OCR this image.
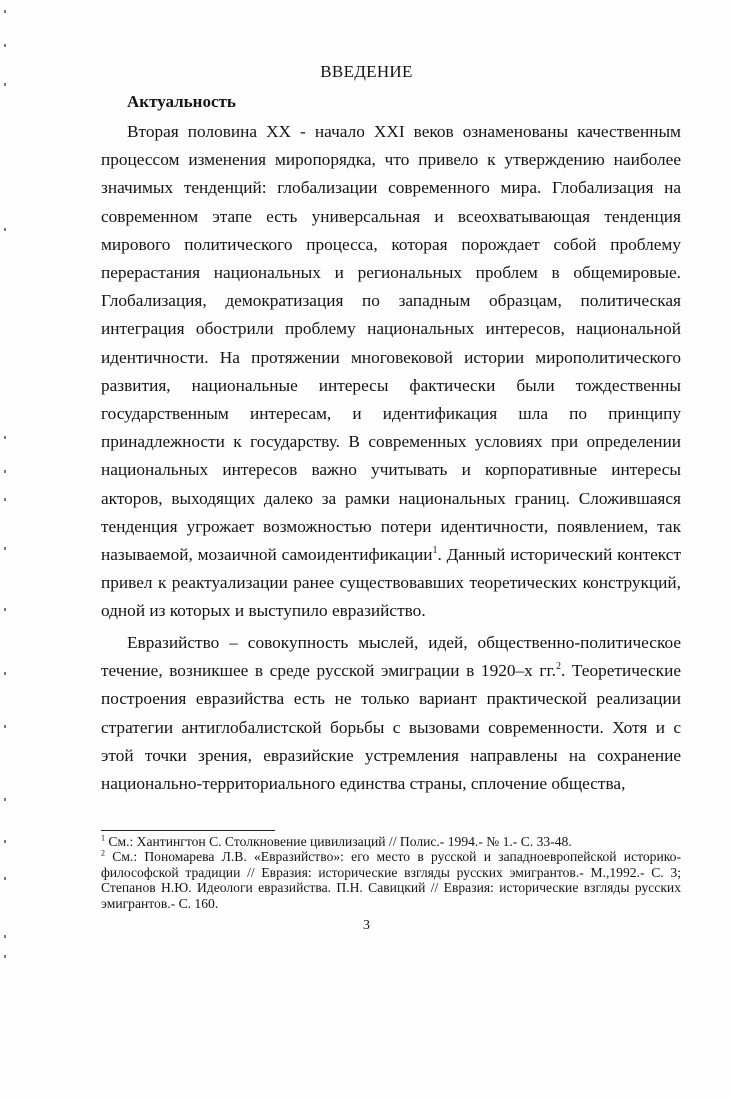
ВВЕДЕНИЕ
Актуальность
Вторая половина XX - начало XXI веков ознаменованы качественным процессом изменения миропорядка, что привело к утверждению наиболее значимых тенденций: глобализации современного мира. Глобализация на современном этапе есть универсальная и всеохватывающая тенденция мирового политического процесса, которая порождает собой проблему перерастания национальных и региональных проблем в общемировые. Глобализация, демократизация по западным образцам, политическая интеграция обострили проблему национальных интересов, национальной идентичности. На протяжении многовековой истории мирополитического развития, национальные интересы фактически были тождественны государственным интересам, и идентификация шла по принципу принадлежности к государству. В современных условиях при определении национальных интересов важно учитывать и корпоративные интересы акторов, выходящих далеко за рамки национальных границ. Сложившаяся тенденция угрожает возможностью потери идентичности, появлением, так называемой, мозаичной самоидентификации$^1$. Данный исторический контекст привел к реактуализации ранее существовавших теоретических конструкций, одной из которых и выступило евразийство.
Евразийство – совокупность мыслей, идей, общественно-политическое течение, возникшее в среде русской эмиграции в 1920–х гг.$^2$. Теоретические построения евразийства есть не только вариант практической реализации стратегии антиглобалистской борьбы с вызовами современности. Хотя и с этой точки зрения, евразийские устремления направлены на сохранение национально-территориального единства страны, сплочение общества,

$^1$ См.: Хантингтон С. Столкновение цивилизаций // Полис.- 1994.- № 1.- С. 33-48.

$^2$ См.: Пономарева Л.В. «Евразийство»: его место в русской и западноевропейской историко-философской традиции // Евразия: исторические взгляды русских эмигрантов.- М.,1992.- С. 3; Степанов Н.Ю. Идеологи евразийства. П.Н. Савицкий // Евразия: исторические взгляды русских эмигрантов.- С. 160.

3
